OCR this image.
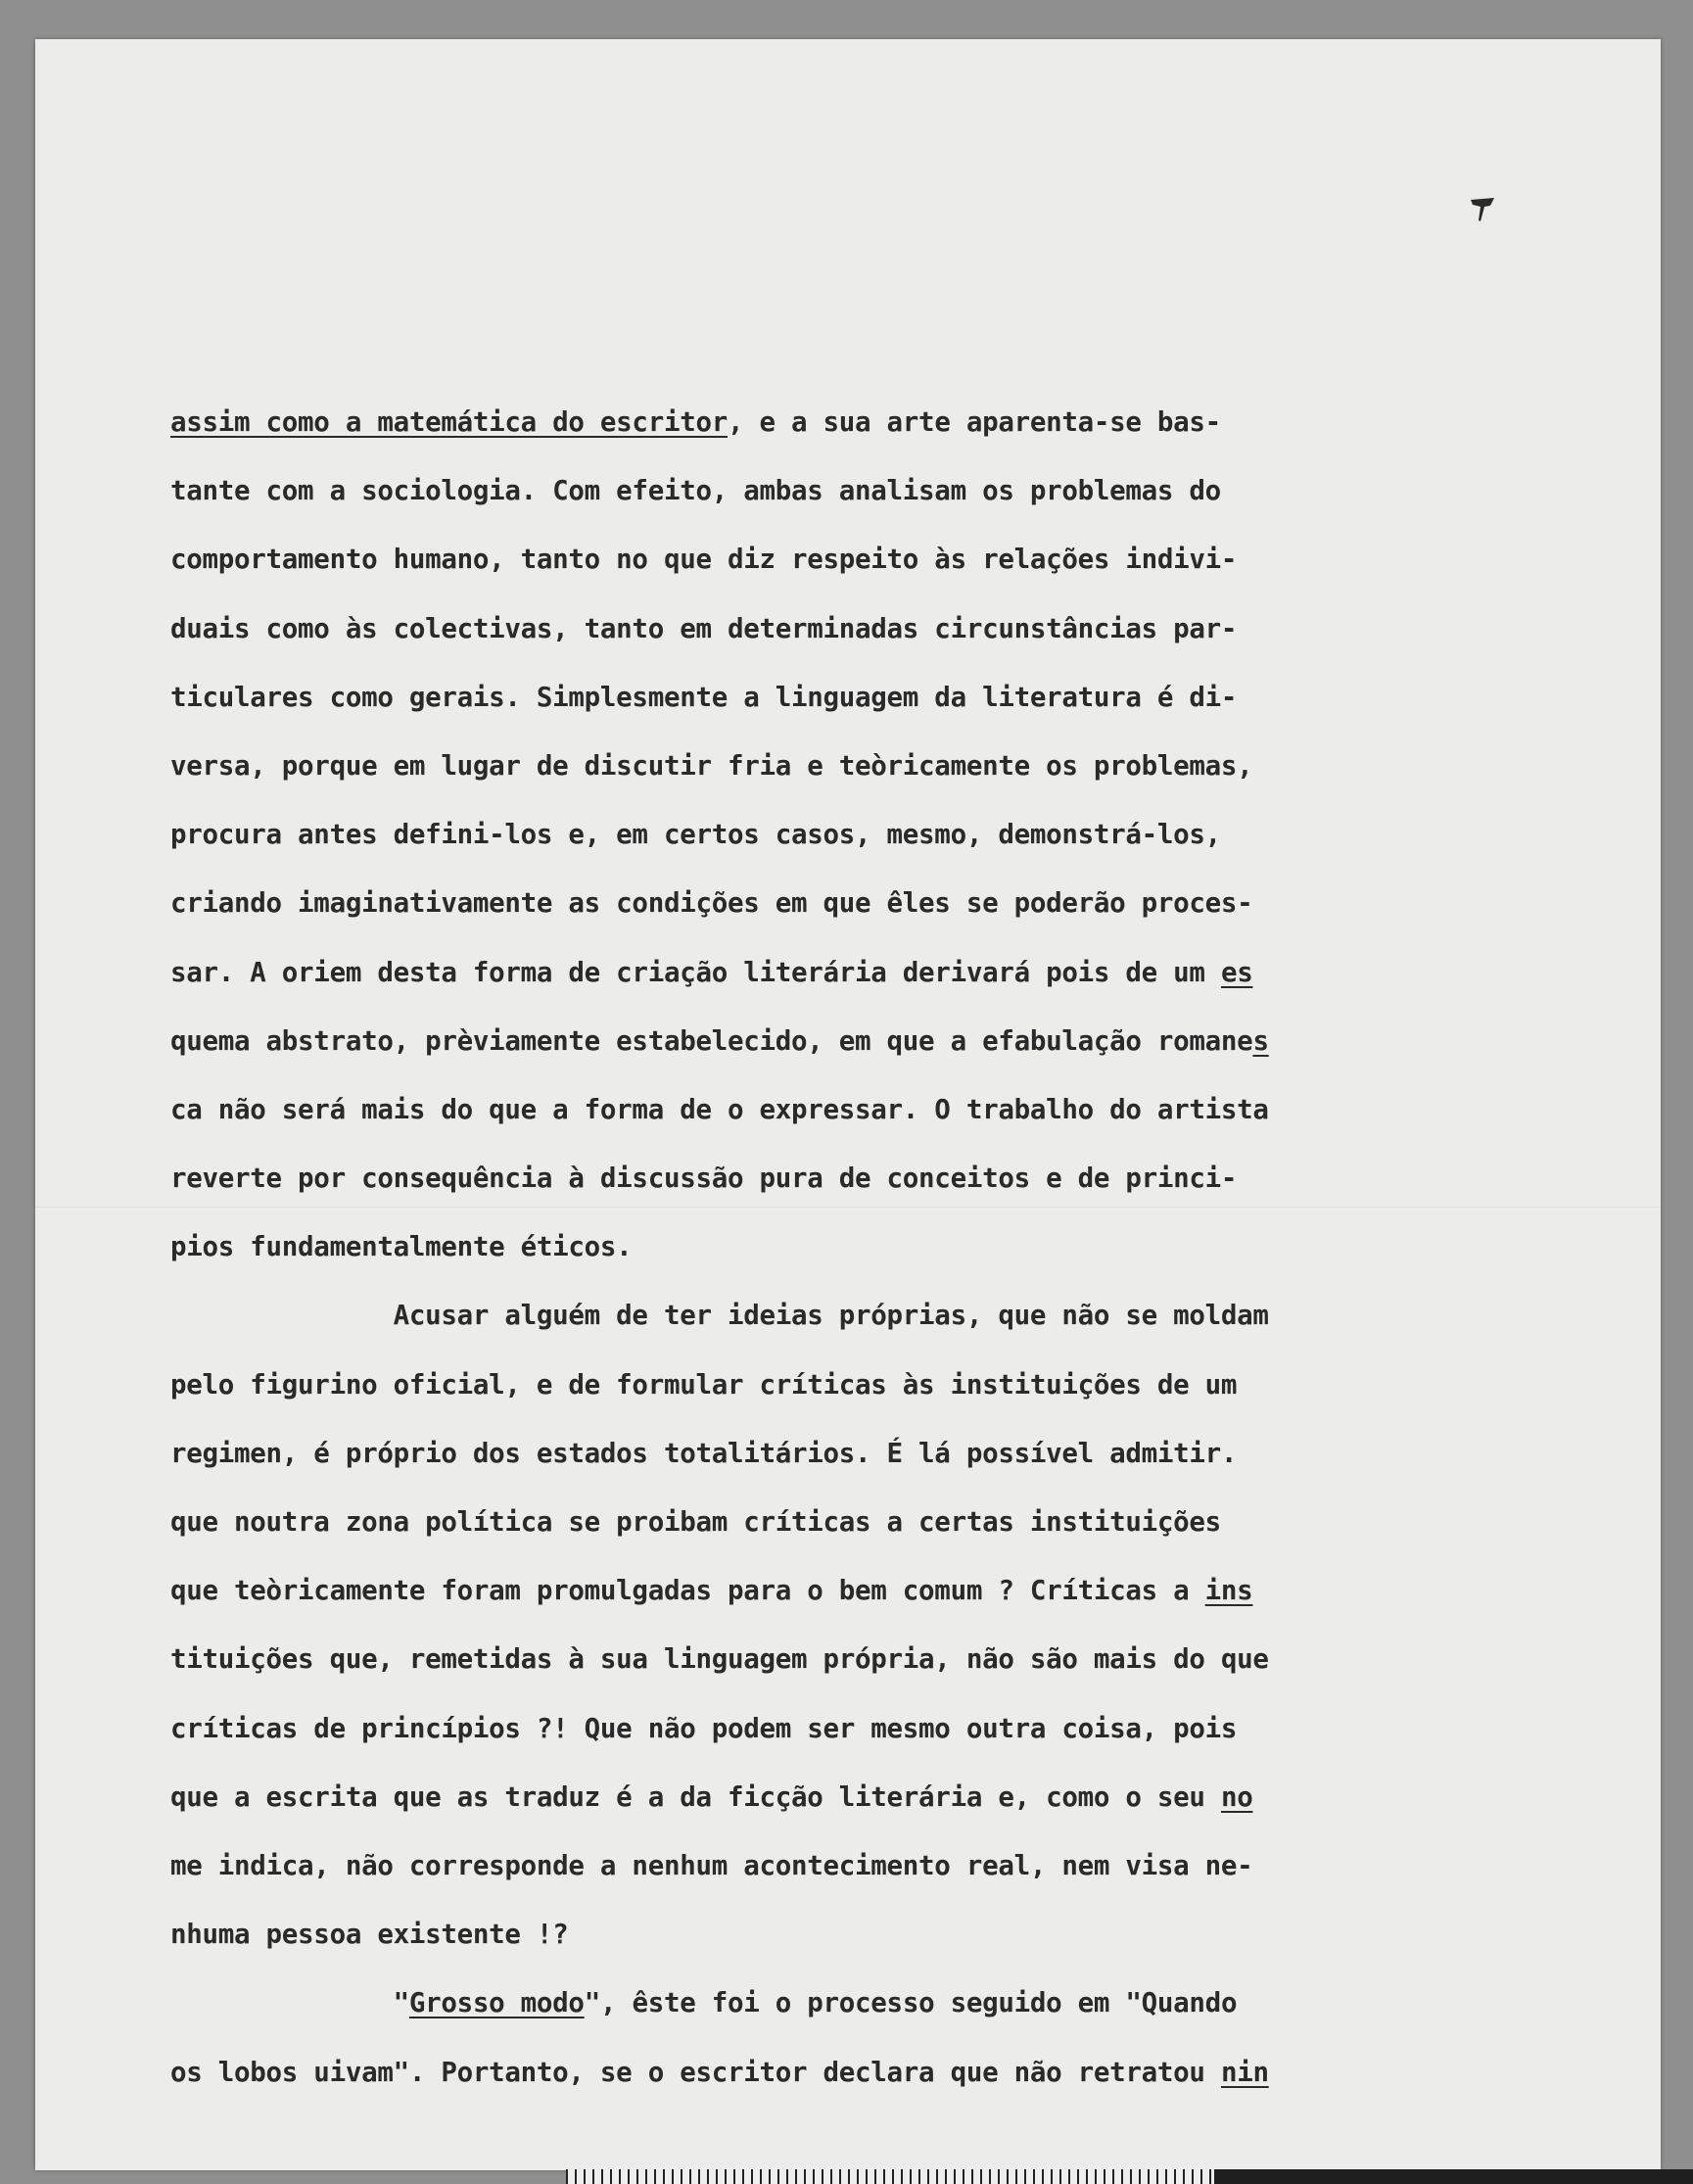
assim como a matemática do escritor, e a sua arte aparenta-se bas-
tante com a sociologia. Com efeito, ambas analisam os problemas do
comportamento humano, tanto no que diz respeito às relações indivi-
duais como às colectivas, tanto em determinadas circunstâncias par-
ticulares como gerais. Simplesmente a linguagem da literatura é di-
versa, porque em lugar de discutir fria e teòricamente os problemas,
procura antes defini-los e, em certos casos, mesmo, demonstrá-los,
criando imaginativamente as condições em que êles se poderão proces-
sar. A oriem desta forma de criação literária derivará pois de um es
quema abstrato, prèviamente estabelecido, em que a efabulação romanes
ca não será mais do que a forma de o expressar. O trabalho do artista
reverte por consequência à discussão pura de conceitos e de princi-
pios fundamentalmente éticos.
Acusar alguém de ter ideias próprias, que não se moldam
pelo figurino oficial, e de formular críticas às instituições de um
regimen, é próprio dos estados totalitários. É lá possível admitir.
que noutra zona política se proibam críticas a certas instituições
que teòricamente foram promulgadas para o bem comum ? Críticas a ins
tituições que, remetidas à sua linguagem própria, não são mais do que
críticas de princípios ?! Que não podem ser mesmo outra coisa, pois
que a escrita que as traduz é a da ficção literária e, como o seu no
me indica, não corresponde a nenhum acontecimento real, nem visa ne-
nhuma pessoa existente !?
"Grosso modo", êste foi o processo seguido em "Quando
os lobos uivam". Portanto, se o escritor declara que não retratou nin
